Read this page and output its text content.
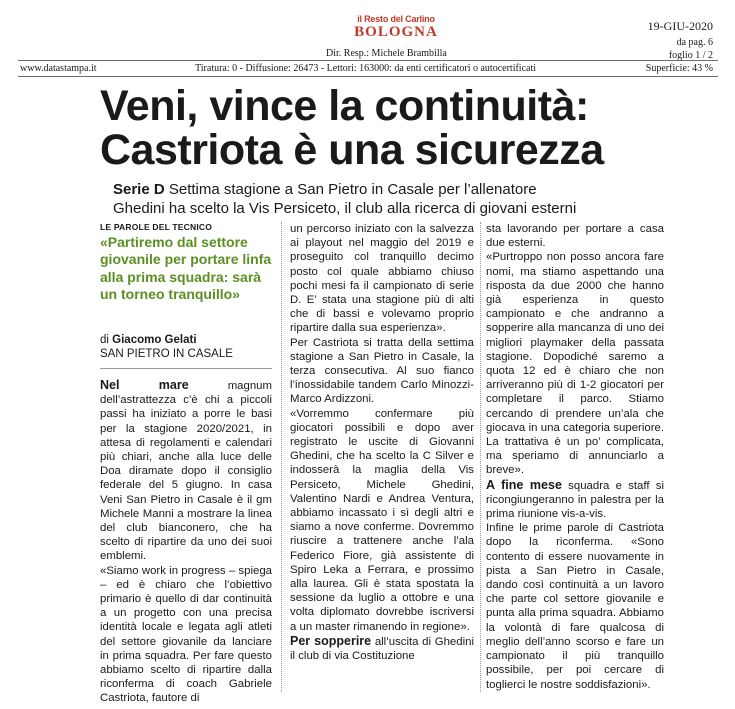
il Resto del Carlino
BOLOGNA
Dir. Resp.: Michele Brambilla
19-GIU-2020
da pag. 6
foglio 1 / 2
Superficie: 43 %
www.datastampa.it	Tiratura: 0 - Diffusione: 26473 - Lettori: 163000: da enti certificatori o autocertificati
Veni, vince la continuità:
Castriota è una sicurezza
Serie D Settima stagione a San Pietro in Casale per l’allenatore
Ghedini ha scelto la Vis Persiceto, il club alla ricerca di giovani esterni
LE PAROLE DEL TECNICO
«Partiremo dal settore giovanile per portare linfa alla prima squadra: sarà un torneo tranquillo»
di Giacomo Gelati
SAN PIETRO IN CASALE

Nel mare magnum dell’astrattezza c’è chi a piccoli passi ha iniziato a porre le basi per la stagione 2020/2021, in attesa di regolamenti e calendari più chiari, anche alla luce delle Doa diramate dopo il consiglio federale del 5 giugno. In casa Veni San Pietro in Casale è il gm Michele Manni a mostrare la linea del club bianconero, che ha scelto di ripartire da uno dei suoi emblemi.

«Siamo work in progress – spiega – ed è chiaro che l’obiettivo primario è quello di dar continuità a un progetto con una precisa identità locale e legata agli atleti del settore giovanile da lanciare in prima squadra. Per fare questo abbiamo scelto di ripartire dalla riconferma di coach Gabriele Castriota, fautore di

un percorso iniziato con la salvezza ai playout nel maggio del 2019 e proseguito col tranquillo decimo posto col quale abbiamo chiuso pochi mesi fa il campionato di serie D. E’ stata una stagione più di alti che di bassi e volevamo proprio ripartire dalla sua esperienza».

Per Castriota si tratta della settima stagione a San Pietro in Casale, la terza consecutiva. Al suo fianco l’inossidabile tandem Carlo Minozzi-Marco Ardizzoni.

«Vorremmo confermare più giocatori possibili e dopo aver registrato le uscite di Giovanni Ghedini, che ha scelto la C Silver e indosserà la maglia della Vis Persiceto, Michele Ghedini, Valentino Nardi e Andrea Ventura, abbiamo incassato i sì degli altri e siamo a nove conferme. Dovremmo riuscire a trattenere anche l’ala Federico Fiore, già assistente di Spiro Leka a Ferrara, e prossimo alla laurea. Gli è stata spostata la sessione da luglio a ottobre e una volta diplomato dovrebbe iscriversi a un master rimanendo in regione».

Per sopperire all’uscita di Ghedini il club di via Costituzione

sta lavorando per portare a casa due esterni.

«Purtroppo non posso ancora fare nomi, ma stiamo aspettando una risposta da due 2000 che hanno già esperienza in questo campionato e che andranno a sopperire alla mancanza di uno dei migliori playmaker della passata stagione. Dopodiché saremo a quota 12 ed è chiaro che non arriveranno più di 1-2 giocatori per completare il parco. Stiamo cercando di prendere un’ala che giocava in una categoria superiore. La trattativa è un po’ complicata, ma speriamo di annunciarlo a breve».

A fine mese squadra e staff si ricongiungeranno in palestra per la prima riunione vis-a-vis.

Infine le prime parole di Castriota dopo la riconferma. «Sono contento di essere nuovamente in pista a San Pietro in Casale, dando così continuità a un lavoro che parte col settore giovanile e punta alla prima squadra. Abbiamo la volontà di fare qualcosa di meglio dell’anno scorso e fare un campionato il più tranquillo possibile, per poi cercare di toglierci le nostre soddisfazioni».
